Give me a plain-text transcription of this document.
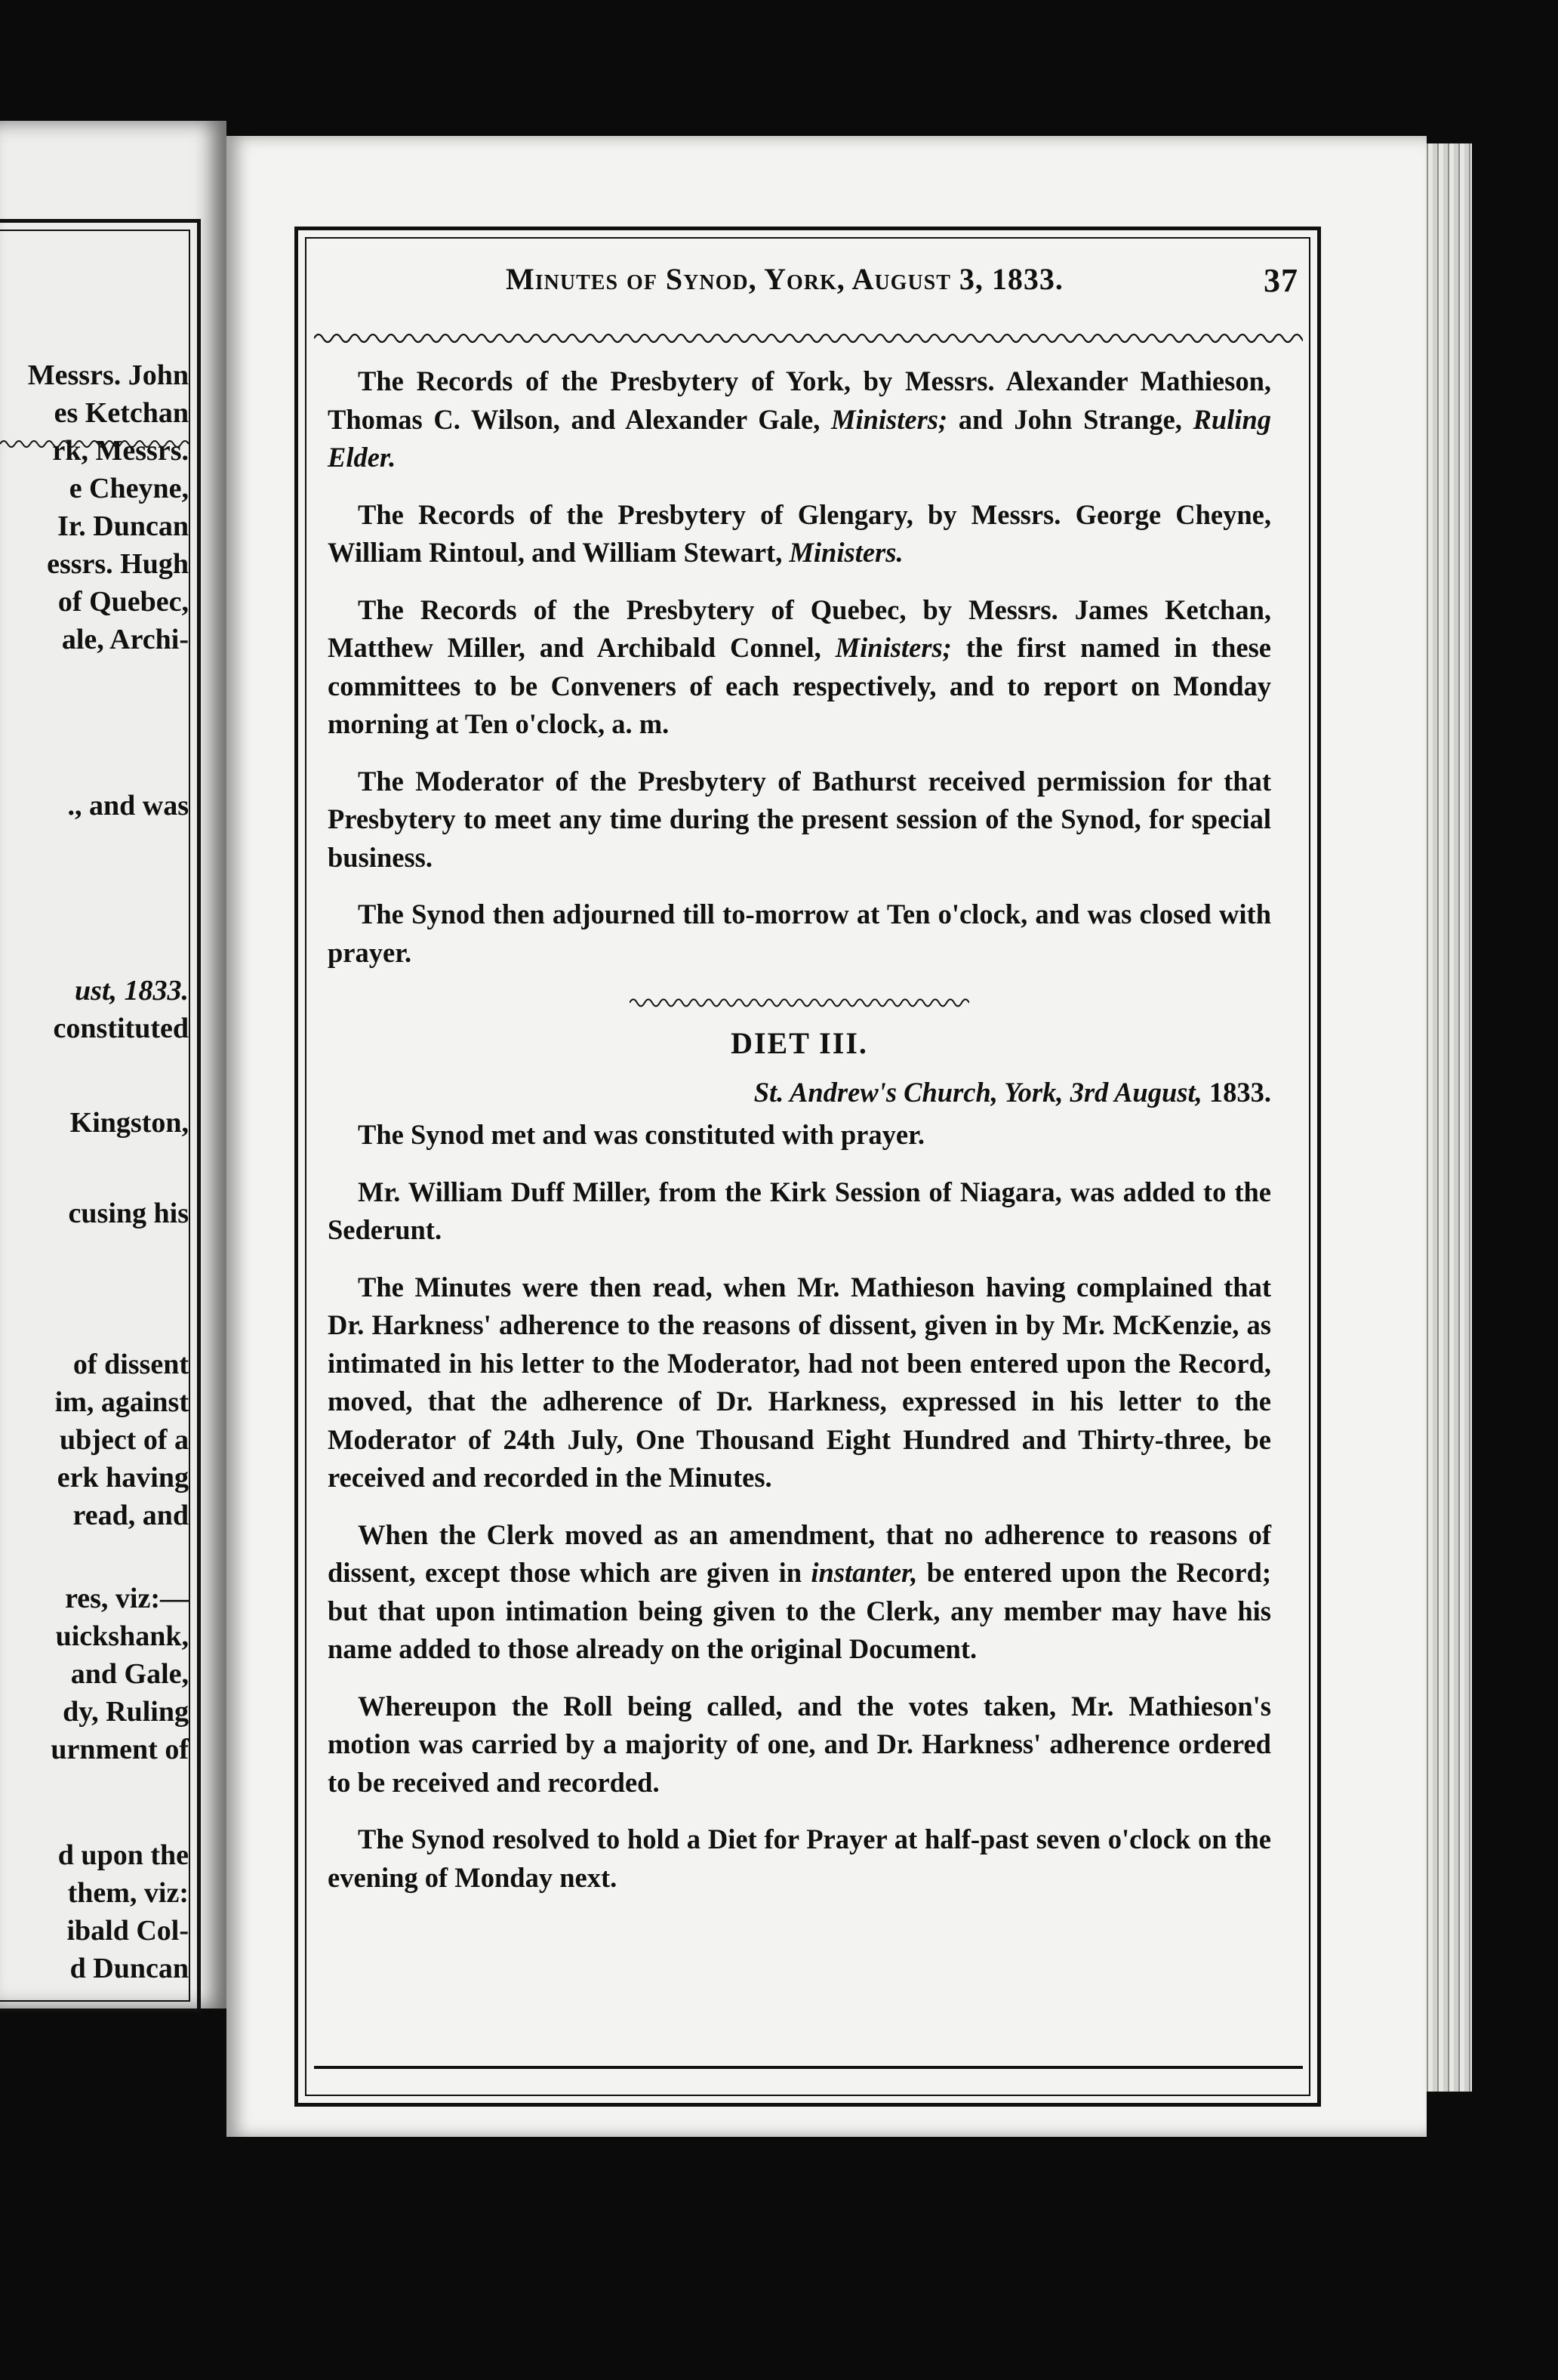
Messrs. John
es Ketchan
rk, Messrs.
e Cheyne,
Ir. Duncan
essrs. Hugh
of Quebec,
ale, Archi-
., and was
ust, 1833.
constituted
Kingston,
cusing his
of dissent
im, against
ubject of a
erk having
read, and
res, viz:—
uickshank,
and Gale,
dy, Ruling
urnment of
d upon the
them, viz:
ibald Col-
d Duncan
Minutes of Synod, York, August 3, 1833.	37

The Records of the Presbytery of York, by Messrs. Alexander Mathieson, Thomas C. Wilson, and Alexander Gale, Ministers; and John Strange, Ruling Elder.

The Records of the Presbytery of Glengary, by Messrs. George Cheyne, William Rintoul, and William Stewart, Ministers.

The Records of the Presbytery of Quebec, by Messrs. James Ketchan, Matthew Miller, and Archibald Connel, Ministers; the first named in these committees to be Conveners of each respectively, and to report on Monday morning at Ten o'clock, a. m.

The Moderator of the Presbytery of Bathurst received permission for that Presbytery to meet any time during the present session of the Synod, for special business.

The Synod then adjourned till to-morrow at Ten o'clock, and was closed with prayer.

DIET III.
St. Andrew's Church, York, 3rd August, 1833.

The Synod met and was constituted with prayer.

Mr. William Duff Miller, from the Kirk Session of Niagara, was added to the Sederunt.

The Minutes were then read, when Mr. Mathieson having complained that Dr. Harkness' adherence to the reasons of dissent, given in by Mr. McKenzie, as intimated in his letter to the Moderator, had not been entered upon the Record, moved, that the adherence of Dr. Harkness, expressed in his letter to the Moderator of 24th July, One Thousand Eight Hundred and Thirty-three, be received and recorded in the Minutes.

When the Clerk moved as an amendment, that no adherence to reasons of dissent, except those which are given in instanter, be entered upon the Record; but that upon intimation being given to the Clerk, any member may have his name added to those already on the original Document.

Whereupon the Roll being called, and the votes taken, Mr. Mathieson's motion was carried by a majority of one, and Dr. Harkness' adherence ordered to be received and recorded.

The Synod resolved to hold a Diet for Prayer at half-past seven o'clock on the evening of Monday next.
